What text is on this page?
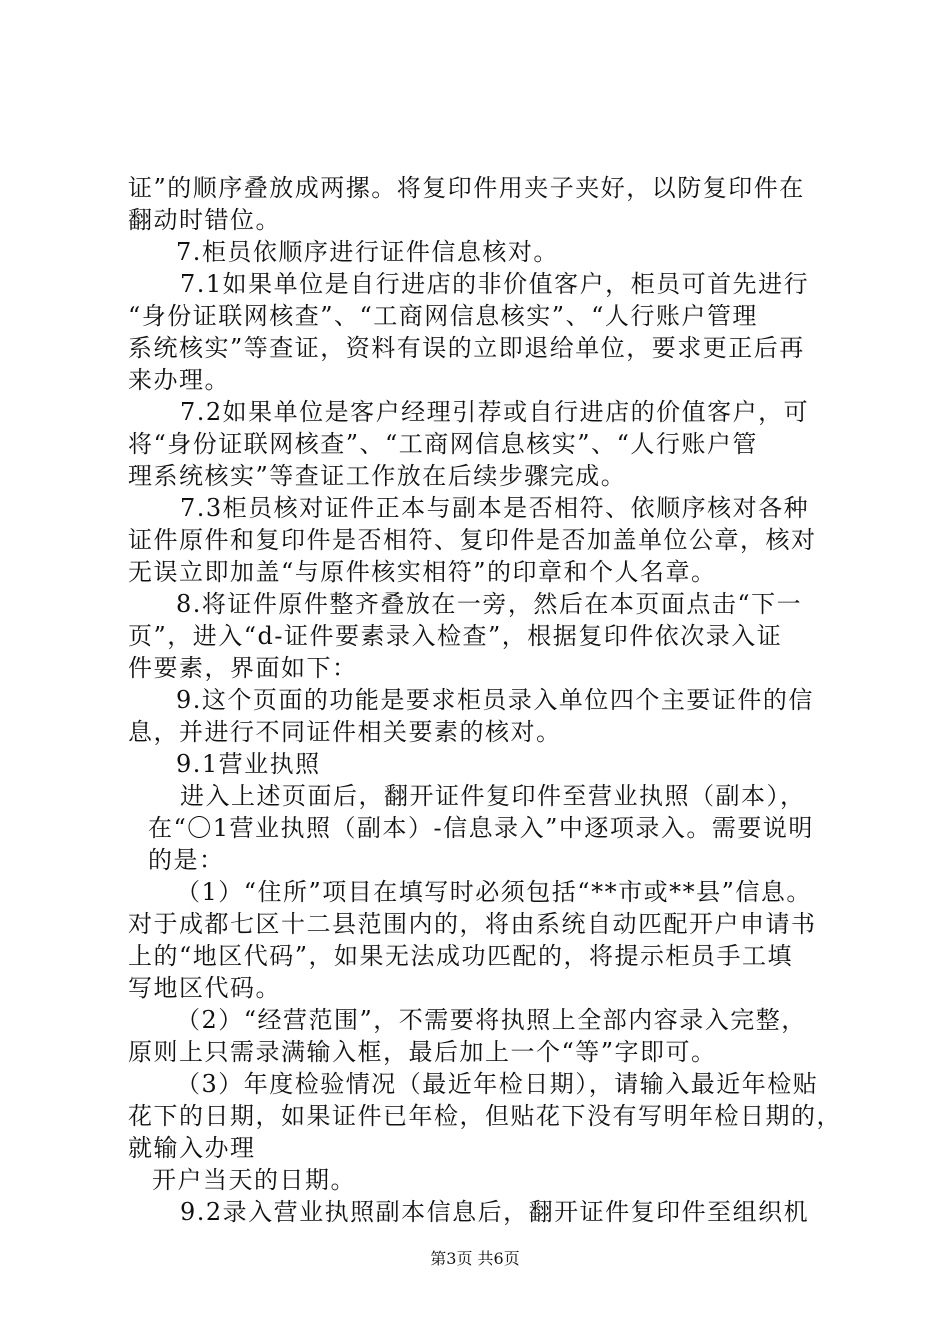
证”的顺序叠放成两摞。将复印件用夹子夹好，以防复印件在

翻动时错位。

7.柜员依顺序进行证件信息核对。

7.1如果单位是自行进店的非价值客户，柜员可首先进行

“身份证联网核查”、“工商网信息核实”、“人行账户管理

系统核实”等查证，资料有误的立即退给单位，要求更正后再

来办理。

7.2如果单位是客户经理引荐或自行进店的价值客户，可

将“身份证联网核查”、“工商网信息核实”、“人行账户管

理系统核实”等查证工作放在后续步骤完成。

7.3柜员核对证件正本与副本是否相符、依顺序核对各种

证件原件和复印件是否相符、复印件是否加盖单位公章，核对

无误立即加盖“与原件核实相符”的印章和个人名章。

8.将证件原件整齐叠放在一旁，然后在本页面点击“下一

页”，进入“d-证件要素录入检查”，根据复印件依次录入证

件要素，界面如下：

9.这个页面的功能是要求柜员录入单位四个主要证件的信

息，并进行不同证件相关要素的核对。

9.1营业执照

进入上述页面后，翻开证件复印件至营业执照（副本），

在“〇1营业执照（副本）-信息录入”中逐项录入。需要说明

的是：

（1）“住所”项目在填写时必须包括“**市或**县”信息。

对于成都七区十二县范围内的，将由系统自动匹配开户申请书

上的“地区代码”，如果无法成功匹配的，将提示柜员手工填

写地区代码。

（2）“经营范围”，不需要将执照上全部内容录入完整，

原则上只需录满输入框，最后加上一个“等”字即可。

（3）年度检验情况（最近年检日期），请输入最近年检贴

花下的日期，如果证件已年检，但贴花下没有写明年检日期的，

就输入办理

开户当天的日期。

9.2录入营业执照副本信息后，翻开证件复印件至组织机

第3页 共6页
